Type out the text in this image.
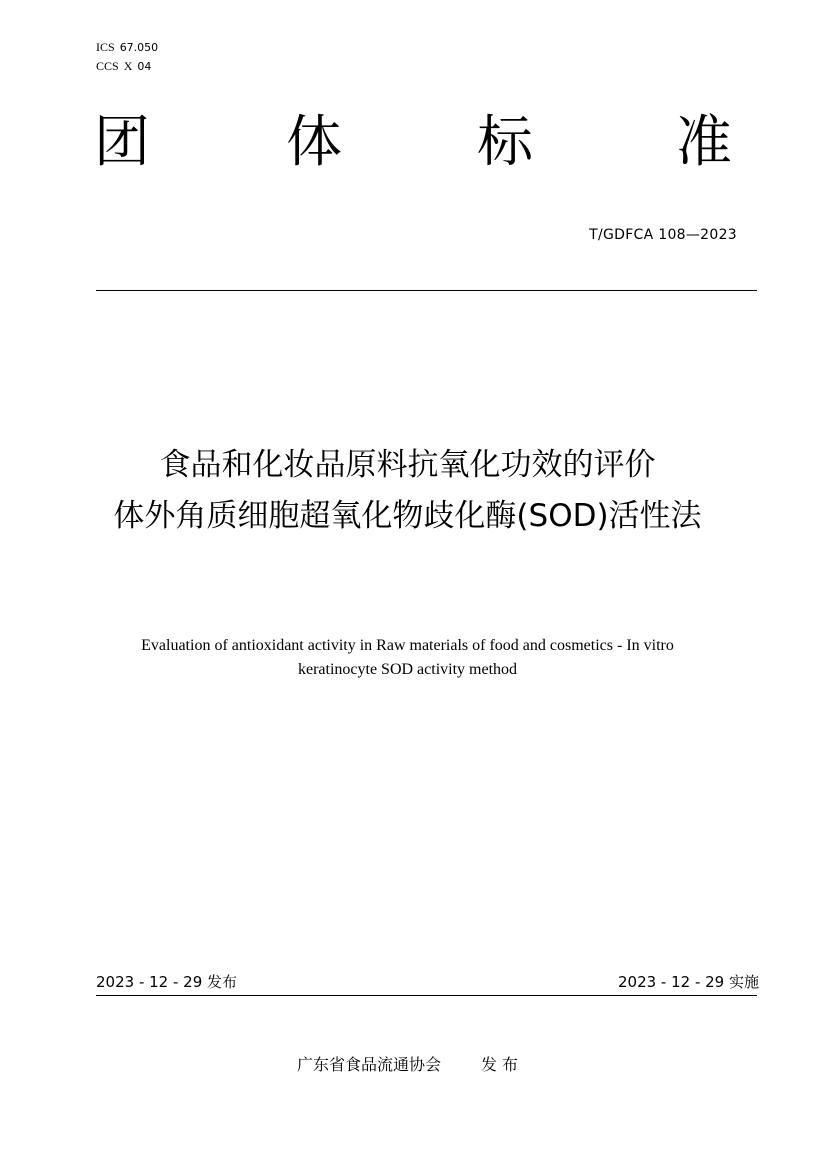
ICS 67.050
CCS X 04
团 体 标	准
T/GDFCA 108—2023
食品和化妆品原料抗氧化功效的评价
体外角质细胞超氧化物歧化酶(SOD)活性法
Evaluation of antioxidant activity in Raw materials of food and cosmetics - In vitro
keratinocyte SOD activity method
2023 - 12 - 29 发布	2023 - 12 - 29 实施
广东省食品流通协会	发 布
